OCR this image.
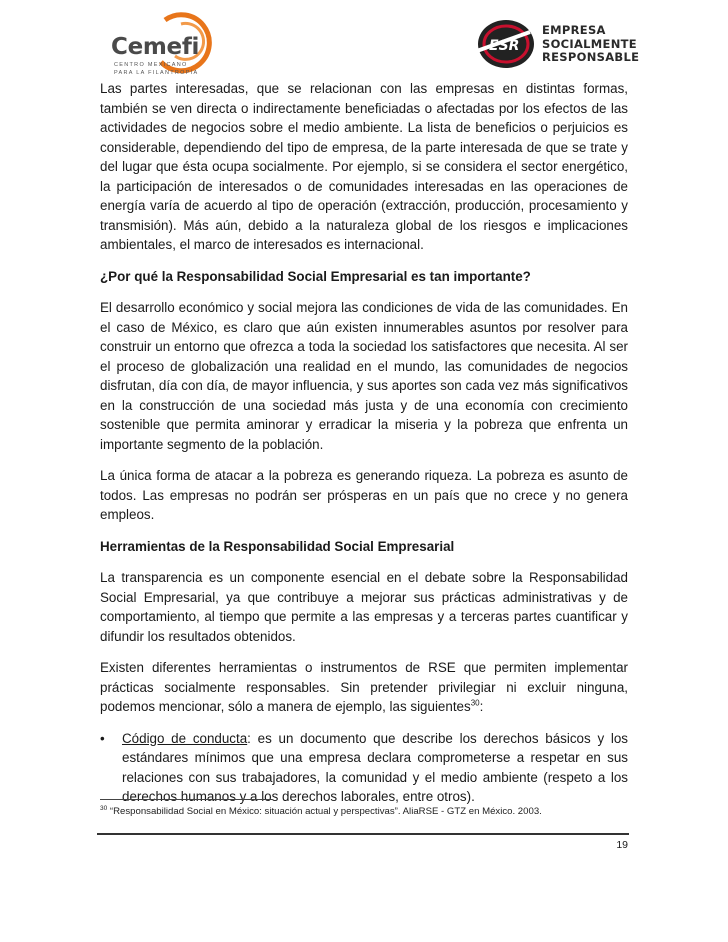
Cemefi
CENTRO MEXICANO
PARA LA FILANTROPÍA
ESR
EMPRESA
SOCIALMENTE
RESPONSABLE

Las partes interesadas, que se relacionan con las empresas en distintas formas, también se ven directa o indirectamente beneficiadas o afectadas por los efectos de las actividades de negocios sobre el medio ambiente. La lista de beneficios o perjuicios es considerable, dependiendo del tipo de empresa, de la parte interesada de que se trate y del lugar que ésta ocupa socialmente. Por ejemplo, si se considera el sector energético, la participación de interesados o de comunidades interesadas en las operaciones de energía varía de acuerdo al tipo de operación (extracción, producción, procesamiento y transmisión). Más aún, debido a la naturaleza global de los riesgos e implicaciones ambientales, el marco de interesados es internacional.

¿Por qué la Responsabilidad Social Empresarial es tan importante?

El desarrollo económico y social mejora las condiciones de vida de las comunidades. En el caso de México, es claro que aún existen innumerables asuntos por resolver para construir un entorno que ofrezca a toda la sociedad los satisfactores que necesita. Al ser el proceso de globalización una realidad en el mundo, las comunidades de negocios disfrutan, día con día, de mayor influencia, y sus aportes son cada vez más significativos en la construcción de una sociedad más justa y de una economía con crecimiento sostenible que permita aminorar y erradicar la miseria y la pobreza que enfrenta un importante segmento de la población.

La única forma de atacar a la pobreza es generando riqueza. La pobreza es asunto de todos. Las empresas no podrán ser prósperas en un país que no crece y no genera empleos.

Herramientas de la Responsabilidad Social Empresarial

La transparencia es un componente esencial en el debate sobre la Responsabilidad Social Empresarial, ya que contribuye a mejorar sus prácticas administrativas y de comportamiento, al tiempo que permite a las empresas y a terceras partes cuantificar y difundir los resultados obtenidos.

Existen diferentes herramientas o instrumentos de RSE que permiten implementar prácticas socialmente responsables. Sin pretender privilegiar ni excluir ninguna, podemos mencionar, sólo a manera de ejemplo, las siguientes$^{30}$:

• Código de conducta: es un documento que describe los derechos básicos y los estándares mínimos que una empresa declara comprometerse a respetar en sus relaciones con sus trabajadores, la comunidad y el medio ambiente (respeto a los derechos humanos y a los derechos laborales, entre otros).

$^{30}$ “Responsabilidad Social en México: situación actual y perspectivas”. AliaRSE - GTZ en México. 2003.
19
